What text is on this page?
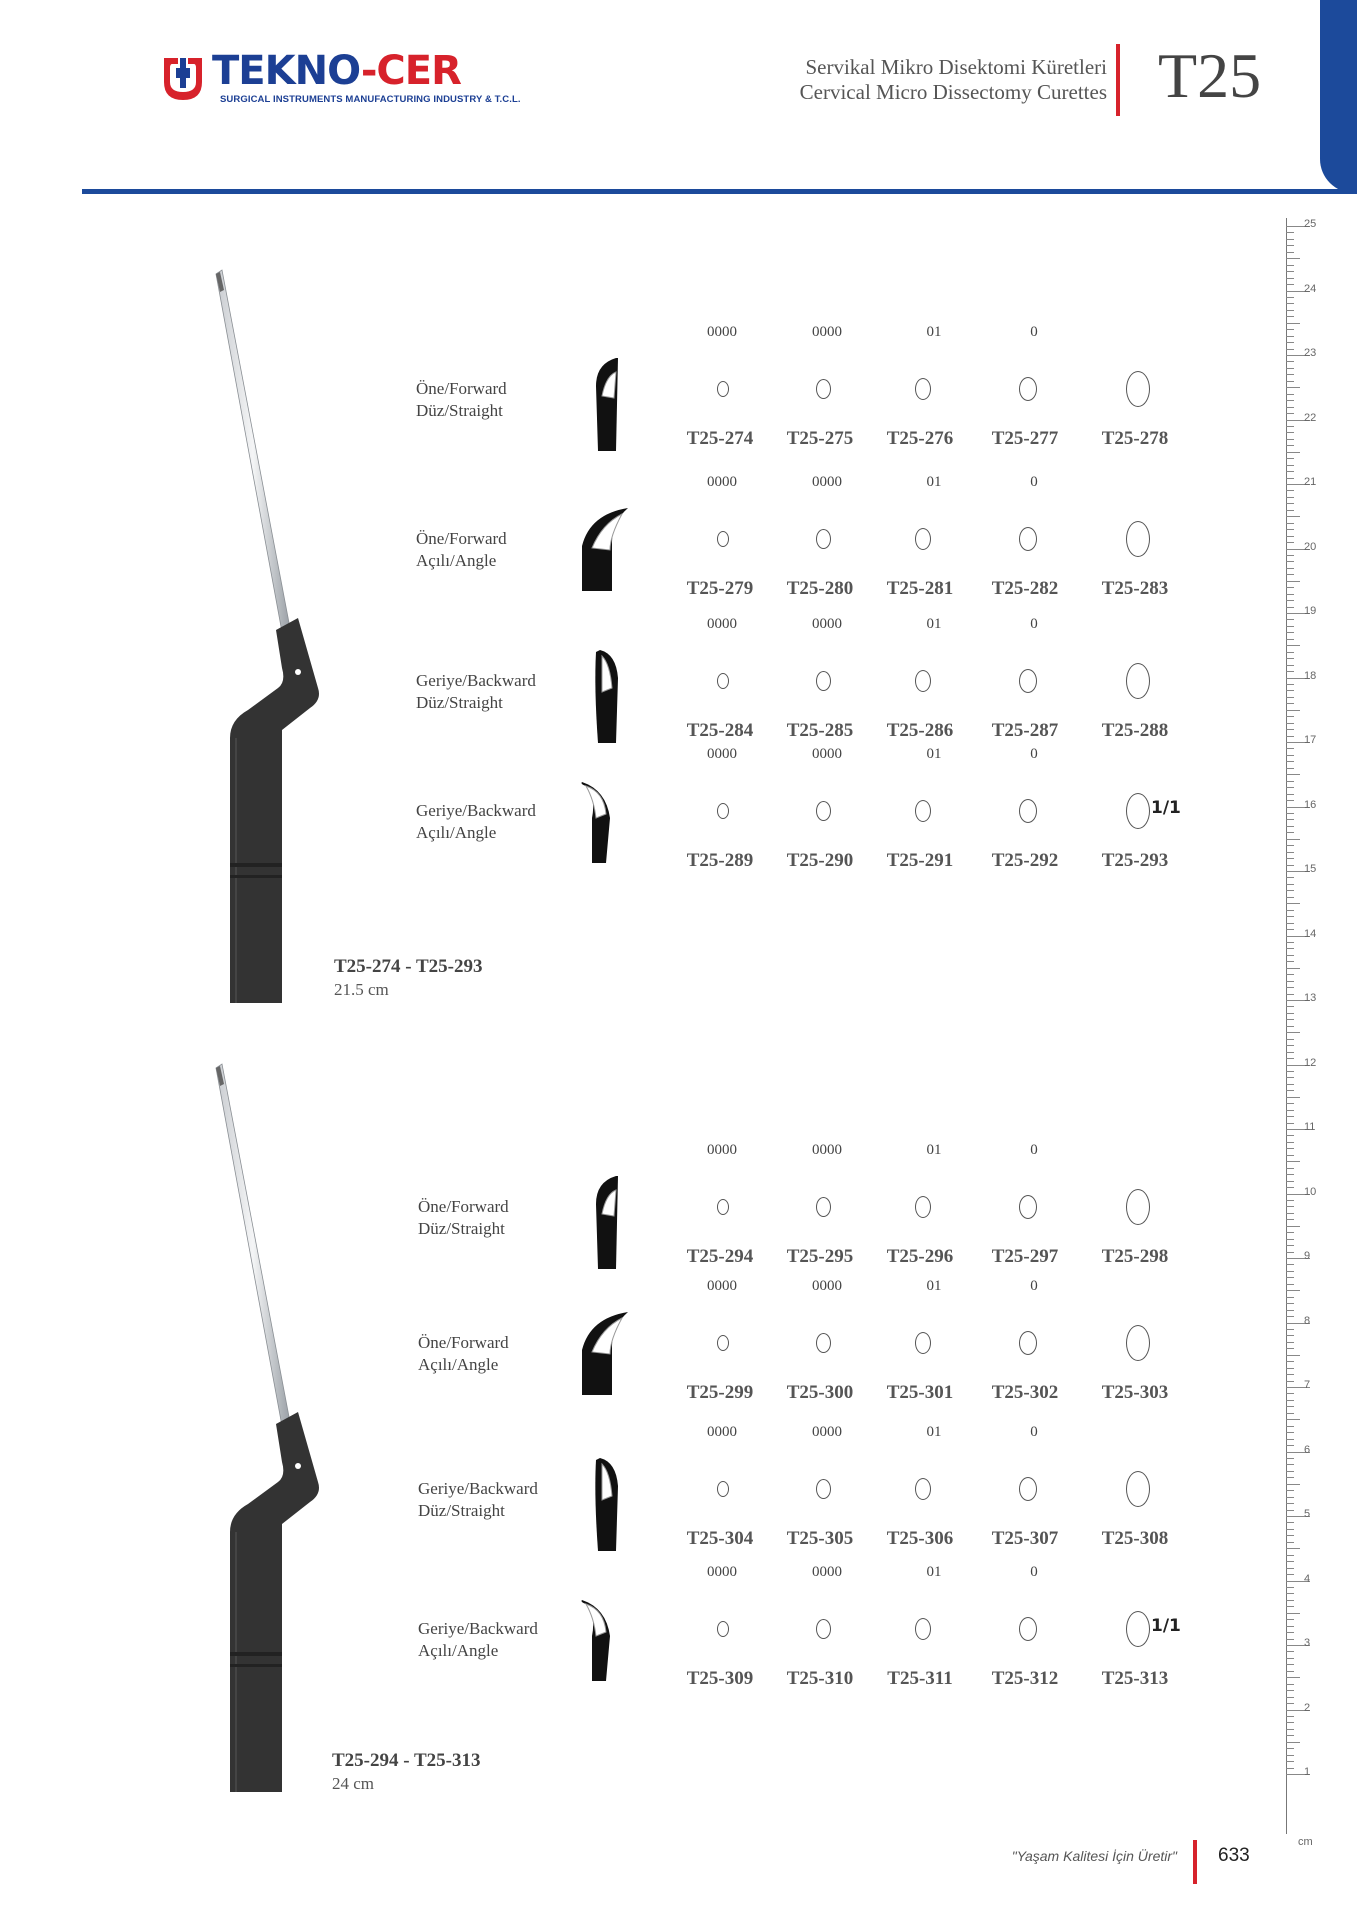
TEKNO-CER
SURGICAL INSTRUMENTS MANUFACTURING INDUSTRY & T.C.L.
Servikal Mikro Disektomi Küretleri
Cervical Micro Dissectomy Curettes T25
25
24
23
22
21
20
19
18
17
16
15
14
13
12
11
10
9
8
7
6
5
4
3
2
1
cm
T25-274 - T25-293
21.5 cm
Öne/Forward
Düz/Straight
0000	0000	01	0
T25-274	T25-275	T25-276	T25-277	T25-278
Öne/Forward
Açılı/Angle
0000	0000	01	0
T25-279	T25-280	T25-281	T25-282	T25-283
Geriye/Backward
Düz/Straight
0000	0000	01	0
T25-284	T25-285	T25-286	T25-287	T25-288
Geriye/Backward
Açılı/Angle
0000	0000	01	0
T25-289	T25-290	T25-291	T25-292	T25-293
1/1
T25-294 - T25-313
24 cm
Öne/Forward
Düz/Straight
0000	0000	01	0
T25-294	T25-295	T25-296	T25-297	T25-298
Öne/Forward
Açılı/Angle
0000	0000	01	0
T25-299	T25-300	T25-301	T25-302	T25-303
Geriye/Backward
Düz/Straight
0000	0000	01	0
T25-304	T25-305	T25-306	T25-307	T25-308
Geriye/Backward
Açılı/Angle
0000	0000	01	0
T25-309	T25-310	T25-311	T25-312	T25-313
1/1
"Yaşam Kalitesi İçin Üretir" 633
